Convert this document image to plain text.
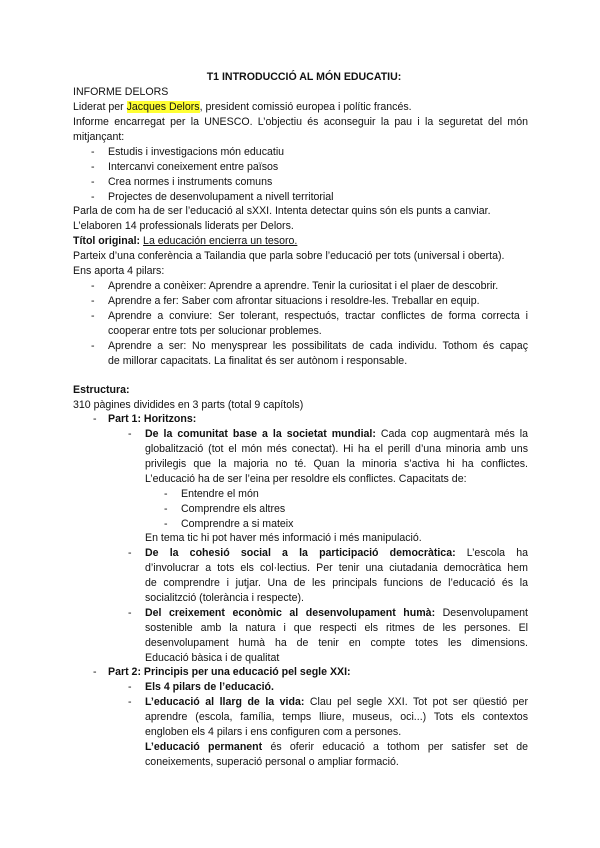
T1 INTRODUCCIÓ AL MÓN EDUCATIU:
INFORME DELORS
Liderat per Jacques Delors, president comissió europea i polític francés.
Informe encarregat per la UNESCO. L’objectiu és aconseguir la pau i la seguretat del món
mitjançant:
- Estudis i investigacions món educatiu
- Intercanvi coneixement entre països
- Crea normes i instruments comuns
- Projectes de desenvolupament a nivell territorial
Parla de com ha de ser l’educació al sXXI. Intenta detectar quins són els punts a canviar.
L’elaboren 14 professionals liderats per Delors.
Títol original: La educación encierra un tesoro.
Parteix d’una conferència a Tailandia que parla sobre l’educació per tots (universal i oberta).
Ens aporta 4 pilars:
- Aprendre a conèixer: Aprendre a aprendre. Tenir la curiositat i el plaer de descobrir.
- Aprendre a fer: Saber com afrontar situacions i resoldre-les. Treballar en equip.
- Aprendre a conviure: Ser tolerant, respectuós, tractar conflictes de forma correcta i
cooperar entre tots per solucionar problemes.
- Aprendre a ser: No menysprear les possibilitats de cada individu. Tothom és capaç
de millorar capacitats. La finalitat és ser autònom i responsable.
Estructura:
310 pàgines dividides en 3 parts (total 9 capítols)
- Part 1: Horitzons:
- De la comunitat base a la societat mundial: Cada cop augmentarà més la
globalització (tot el món més conectat). Hi ha el perill d’una minoria amb uns
privilegis que la majoria no té. Quan la minoria s’activa hi ha conflictes.
L’educació ha de ser l’eina per resoldre els conflictes. Capacitats de:
- Entendre el món
- Comprendre els altres
- Comprendre a si mateix
En tema tic hi pot haver més informació i més manipulació.
- De la cohesió social a la participació democràtica: L’escola ha
d’involucrar a tots els col·lectius. Per tenir una ciutadania democràtica hem
de comprendre i jutjar. Una de les principals funcions de l’educació és la
socialitzció (tolerància i respecte).
- Del creixement econòmic al desenvolupament humà: Desenvolupament
sostenible amb la natura i que respecti els ritmes de les persones. El
desenvolupament humà ha de tenir en compte totes les dimensions.
Educació bàsica i de qualitat
- Part 2: Principis per una educació pel segle XXI:
- Els 4 pilars de l’educació.
- L’educació al llarg de la vida: Clau pel segle XXI. Tot pot ser qüestió per
aprendre (escola, família, temps lliure, museus, oci...) Tots els contextos
engloben els 4 pilars i ens configuren com a persones.
L’educació permanent és oferir educació a tothom per satisfer set de
coneixements, superació personal o ampliar formació.
